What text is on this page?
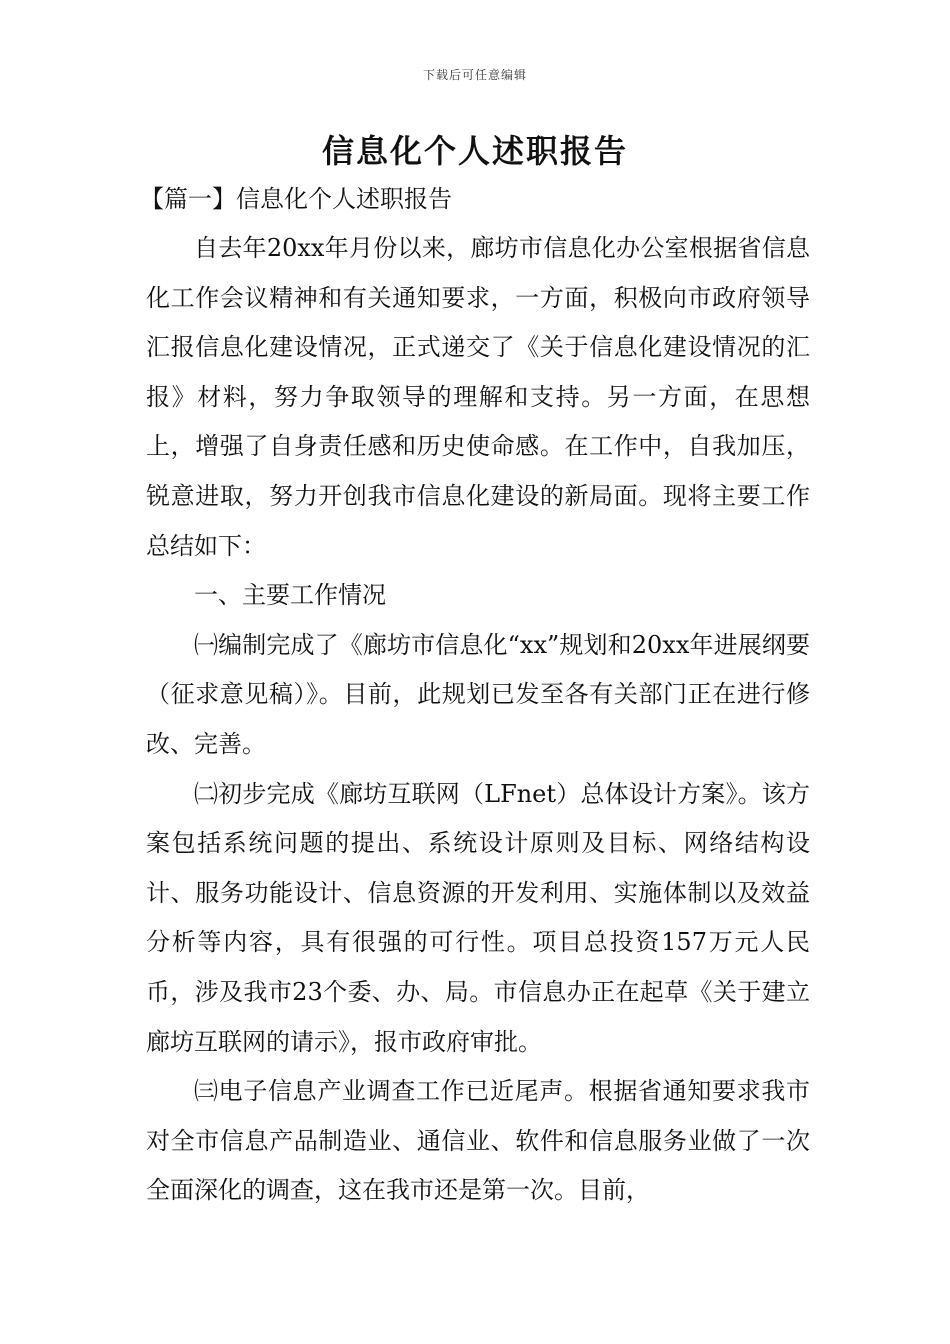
下载后可任意编辑
信息化个人述职报告
【篇一】信息化个人述职报告

自去年20xx年月份以来，廊坊市信息化办公室根据省信息化工作会议精神和有关通知要求，一方面，积极向市政府领导汇报信息化建设情况，正式递交了《关于信息化建设情况的汇报》材料，努力争取领导的理解和支持。另一方面，在思想上，增强了自身责任感和历史使命感。在工作中，自我加压，锐意进取，努力开创我市信息化建设的新局面。现将主要工作总结如下：

一、主要工作情况

㈠编制完成了《廊坊市信息化“xx”规划和20xx年进展纲要（征求意见稿）》。目前，此规划已发至各有关部门正在进行修改、完善。

㈡初步完成《廊坊互联网（LFnet）总体设计方案》。该方案包括系统问题的提出、系统设计原则及目标、网络结构设计、服务功能设计、信息资源的开发利用、实施体制以及效益分析等内容，具有很强的可行性。项目总投资157万元人民币，涉及我市23个委、办、局。市信息办正在起草《关于建立廊坊互联网的请示》，报市政府审批。

㈢电子信息产业调查工作已近尾声。根据省通知要求我市对全市信息产品制造业、通信业、软件和信息服务业做了一次全面深化的调查，这在我市还是第一次。目前，
